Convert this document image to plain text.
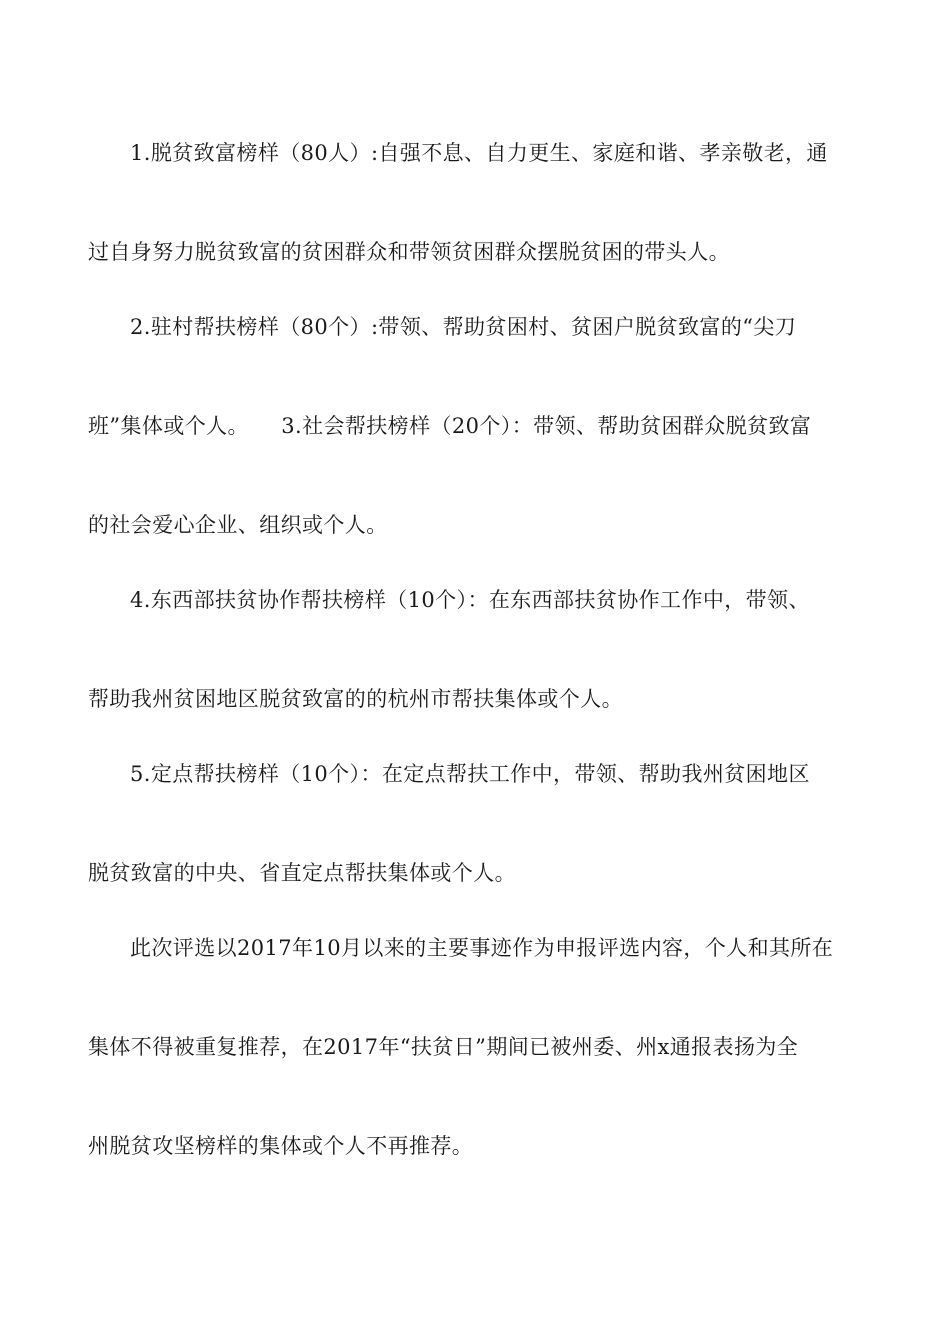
1.脱贫致富榜样（80人）:自强不息、自力更生、家庭和谐、孝亲敬老，通
过自身努力脱贫致富的贫困群众和带领贫困群众摆脱贫困的带头人。
2.驻村帮扶榜样（80个）:带领、帮助贫困村、贫困户脱贫致富的“尖刀
班”集体或个人。　　3.社会帮扶榜样（20个）：带领、帮助贫困群众脱贫致富
的社会爱心企业、组织或个人。
4.东西部扶贫协作帮扶榜样（10个）：在东西部扶贫协作工作中，带领、
帮助我州贫困地区脱贫致富的的杭州市帮扶集体或个人。
5.定点帮扶榜样（10个）：在定点帮扶工作中，带领、帮助我州贫困地区
脱贫致富的中央、省直定点帮扶集体或个人。
此次评选以2017年10月以来的主要事迹作为申报评选内容，个人和其所在
集体不得被重复推荐，在2017年“扶贫日”期间已被州委、州x通报表扬为全
州脱贫攻坚榜样的集体或个人不再推荐。
